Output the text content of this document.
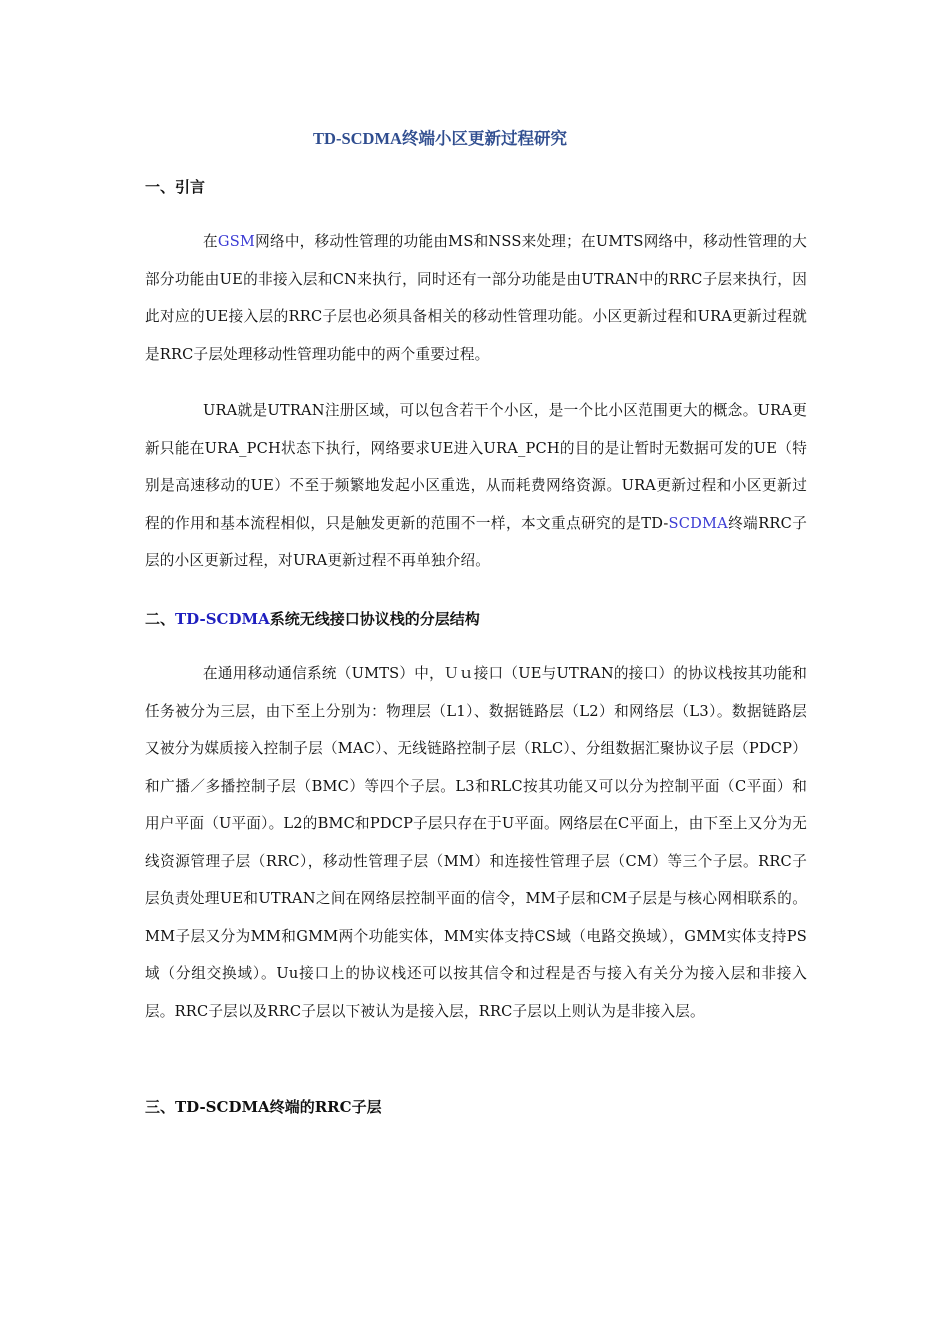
TD-SCDMA终端小区更新过程研究
一、引言

在GSM网络中，移动性管理的功能由MS和NSS来处理；在UMTS网络中，移动性管理的大部分功能由UE的非接入层和CN来执行，同时还有一部分功能是由UTRAN中的RRC子层来执行，因此对应的UE接入层的RRC子层也必须具备相关的移动性管理功能。小区更新过程和URA更新过程就是RRC子层处理移动性管理功能中的两个重要过程。

URA就是UTRAN注册区域，可以包含若干个小区，是一个比小区范围更大的概念。URA更新只能在URA_PCH状态下执行，网络要求UE进入URA_PCH的目的是让暂时无数据可发的UE（特别是高速移动的UE）不至于频繁地发起小区重选，从而耗费网络资源。URA更新过程和小区更新过程的作用和基本流程相似，只是触发更新的范围不一样，本文重点研究的是TD-SCDMA终端RRC子层的小区更新过程，对URA更新过程不再单独介绍。

二、TD-SCDMA系统无线接口协议栈的分层结构

在通用移动通信系统（UMTS）中，Ｕｕ接口（UE与UTRAN的接口）的协议栈按其功能和任务被分为三层，由下至上分别为：物理层（L1）、数据链路层（L2）和网络层（L3）。数据链路层又被分为媒质接入控制子层（MAC）、无线链路控制子层（RLC）、分组数据汇聚协议子层（PDCP）和广播／多播控制子层（BMC）等四个子层。L3和RLC按其功能又可以分为控制平面（C平面）和用户平面（U平面）。L2的BMC和PDCP子层只存在于U平面。网络层在C平面上，由下至上又分为无线资源管理子层（RRC），移动性管理子层（MM）和连接性管理子层（CM）等三个子层。RRC子层负责处理UE和UTRAN之间在网络层控制平面的信令，MM子层和CM子层是与核心网相联系的。MM子层又分为MM和GMM两个功能实体，MM实体支持CS域（电路交换域），GMM实体支持PS域（分组交换域）。Uu接口上的协议栈还可以按其信令和过程是否与接入有关分为接入层和非接入层。RRC子层以及RRC子层以下被认为是接入层，RRC子层以上则认为是非接入层。

三、TD-SCDMA终端的RRC子层
